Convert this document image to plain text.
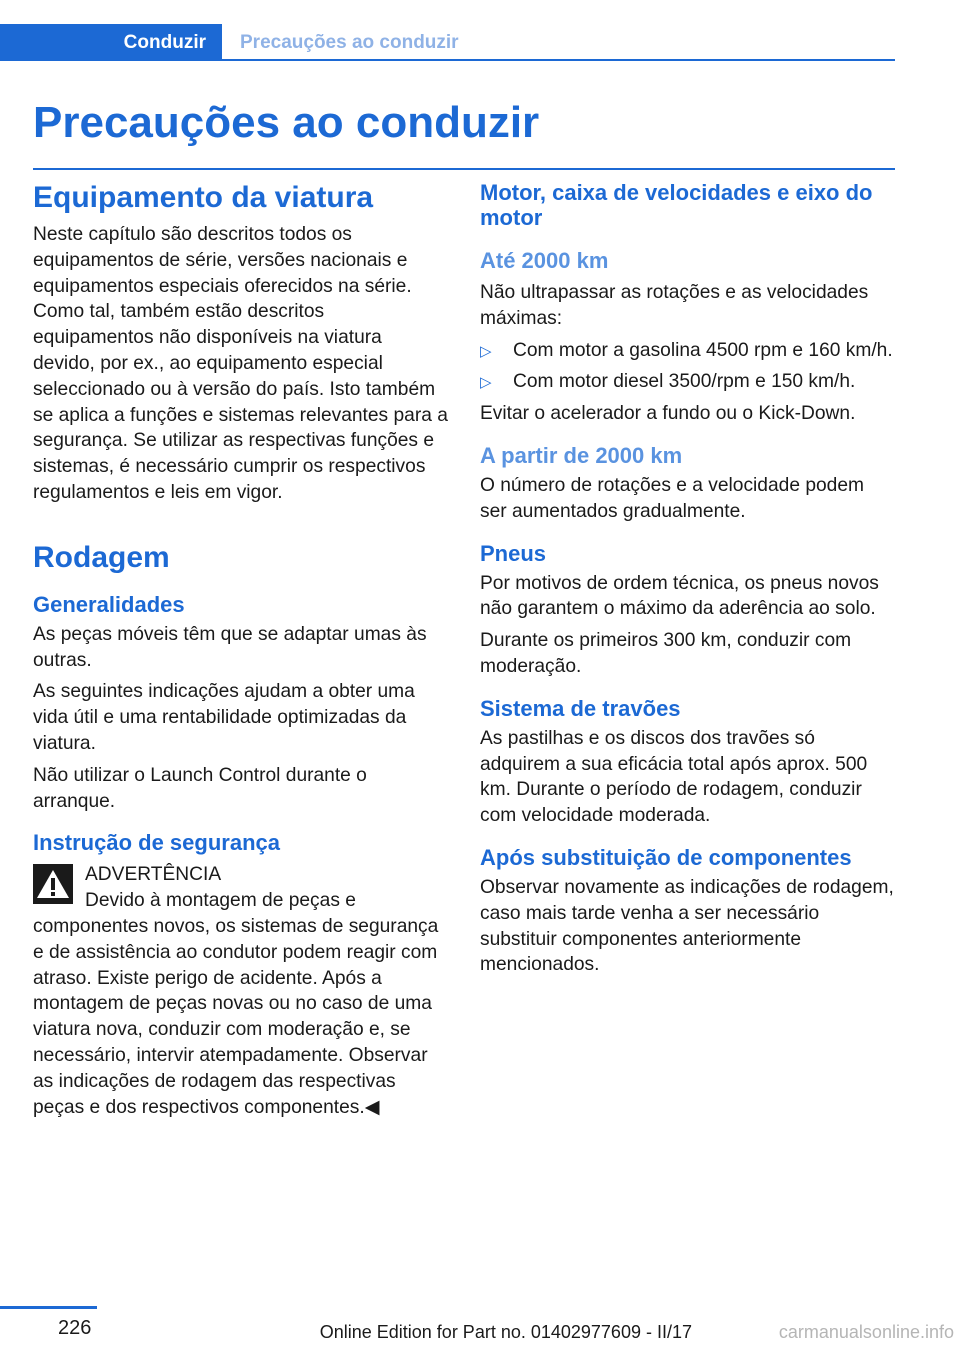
Conduzir	Precauções ao conduzir
Precauções ao conduzir
Equipamento da viatura

Neste capítulo são descritos todos os equipamentos de série, versões nacionais e equipamentos especiais oferecidos na série. Como tal, também estão descritos equipamentos não disponíveis na viatura devido, por ex., ao equipamento especial seleccionado ou à versão do país. Isto também se aplica a funções e sistemas relevantes para a segurança. Se utilizar as respectivas funções e sistemas, é necessário cumprir os respectivos regulamentos e leis em vigor.

Rodagem
Generalidades

As peças móveis têm que se adaptar umas às outras.

As seguintes indicações ajudam a obter uma vida útil e uma rentabilidade optimizadas da viatura.

Não utilizar o Launch Control durante o arranque.

Instrução de segurança
ADVERTÊNCIA
Devido à montagem de peças e componentes novos, os sistemas de segurança e de assistência ao condutor podem reagir com atraso. Existe perigo de acidente. Após a montagem de peças novas ou no caso de uma viatura nova, conduzir com moderação e, se necessário, intervir atempadamente. Observar as indicações de rodagem das respectivas peças e dos respectivos componentes.◀
Motor, caixa de velocidades e eixo do motor
Até 2000 km

Não ultrapassar as rotações e as velocidades máximas:

▷ Com motor a gasolina 4500 rpm e 160 km/h.
▷ Com motor diesel 3500/rpm e 150 km/h.

Evitar o acelerador a fundo ou o Kick-Down.

A partir de 2000 km

O número de rotações e a velocidade podem ser aumentados gradualmente.

Pneus

Por motivos de ordem técnica, os pneus novos não garantem o máximo da aderência ao solo.

Durante os primeiros 300 km, conduzir com moderação.

Sistema de travões

As pastilhas e os discos dos travões só adquirem a sua eficácia total após aprox. 500 km. Durante o período de rodagem, conduzir com velocidade moderada.

Após substituição de componentes

Observar novamente as indicações de rodagem, caso mais tarde venha a ser necessário substituir componentes anteriormente mencionados.

226	Online Edition for Part no. 01402977609 - II/17	carmanualsonline.info
